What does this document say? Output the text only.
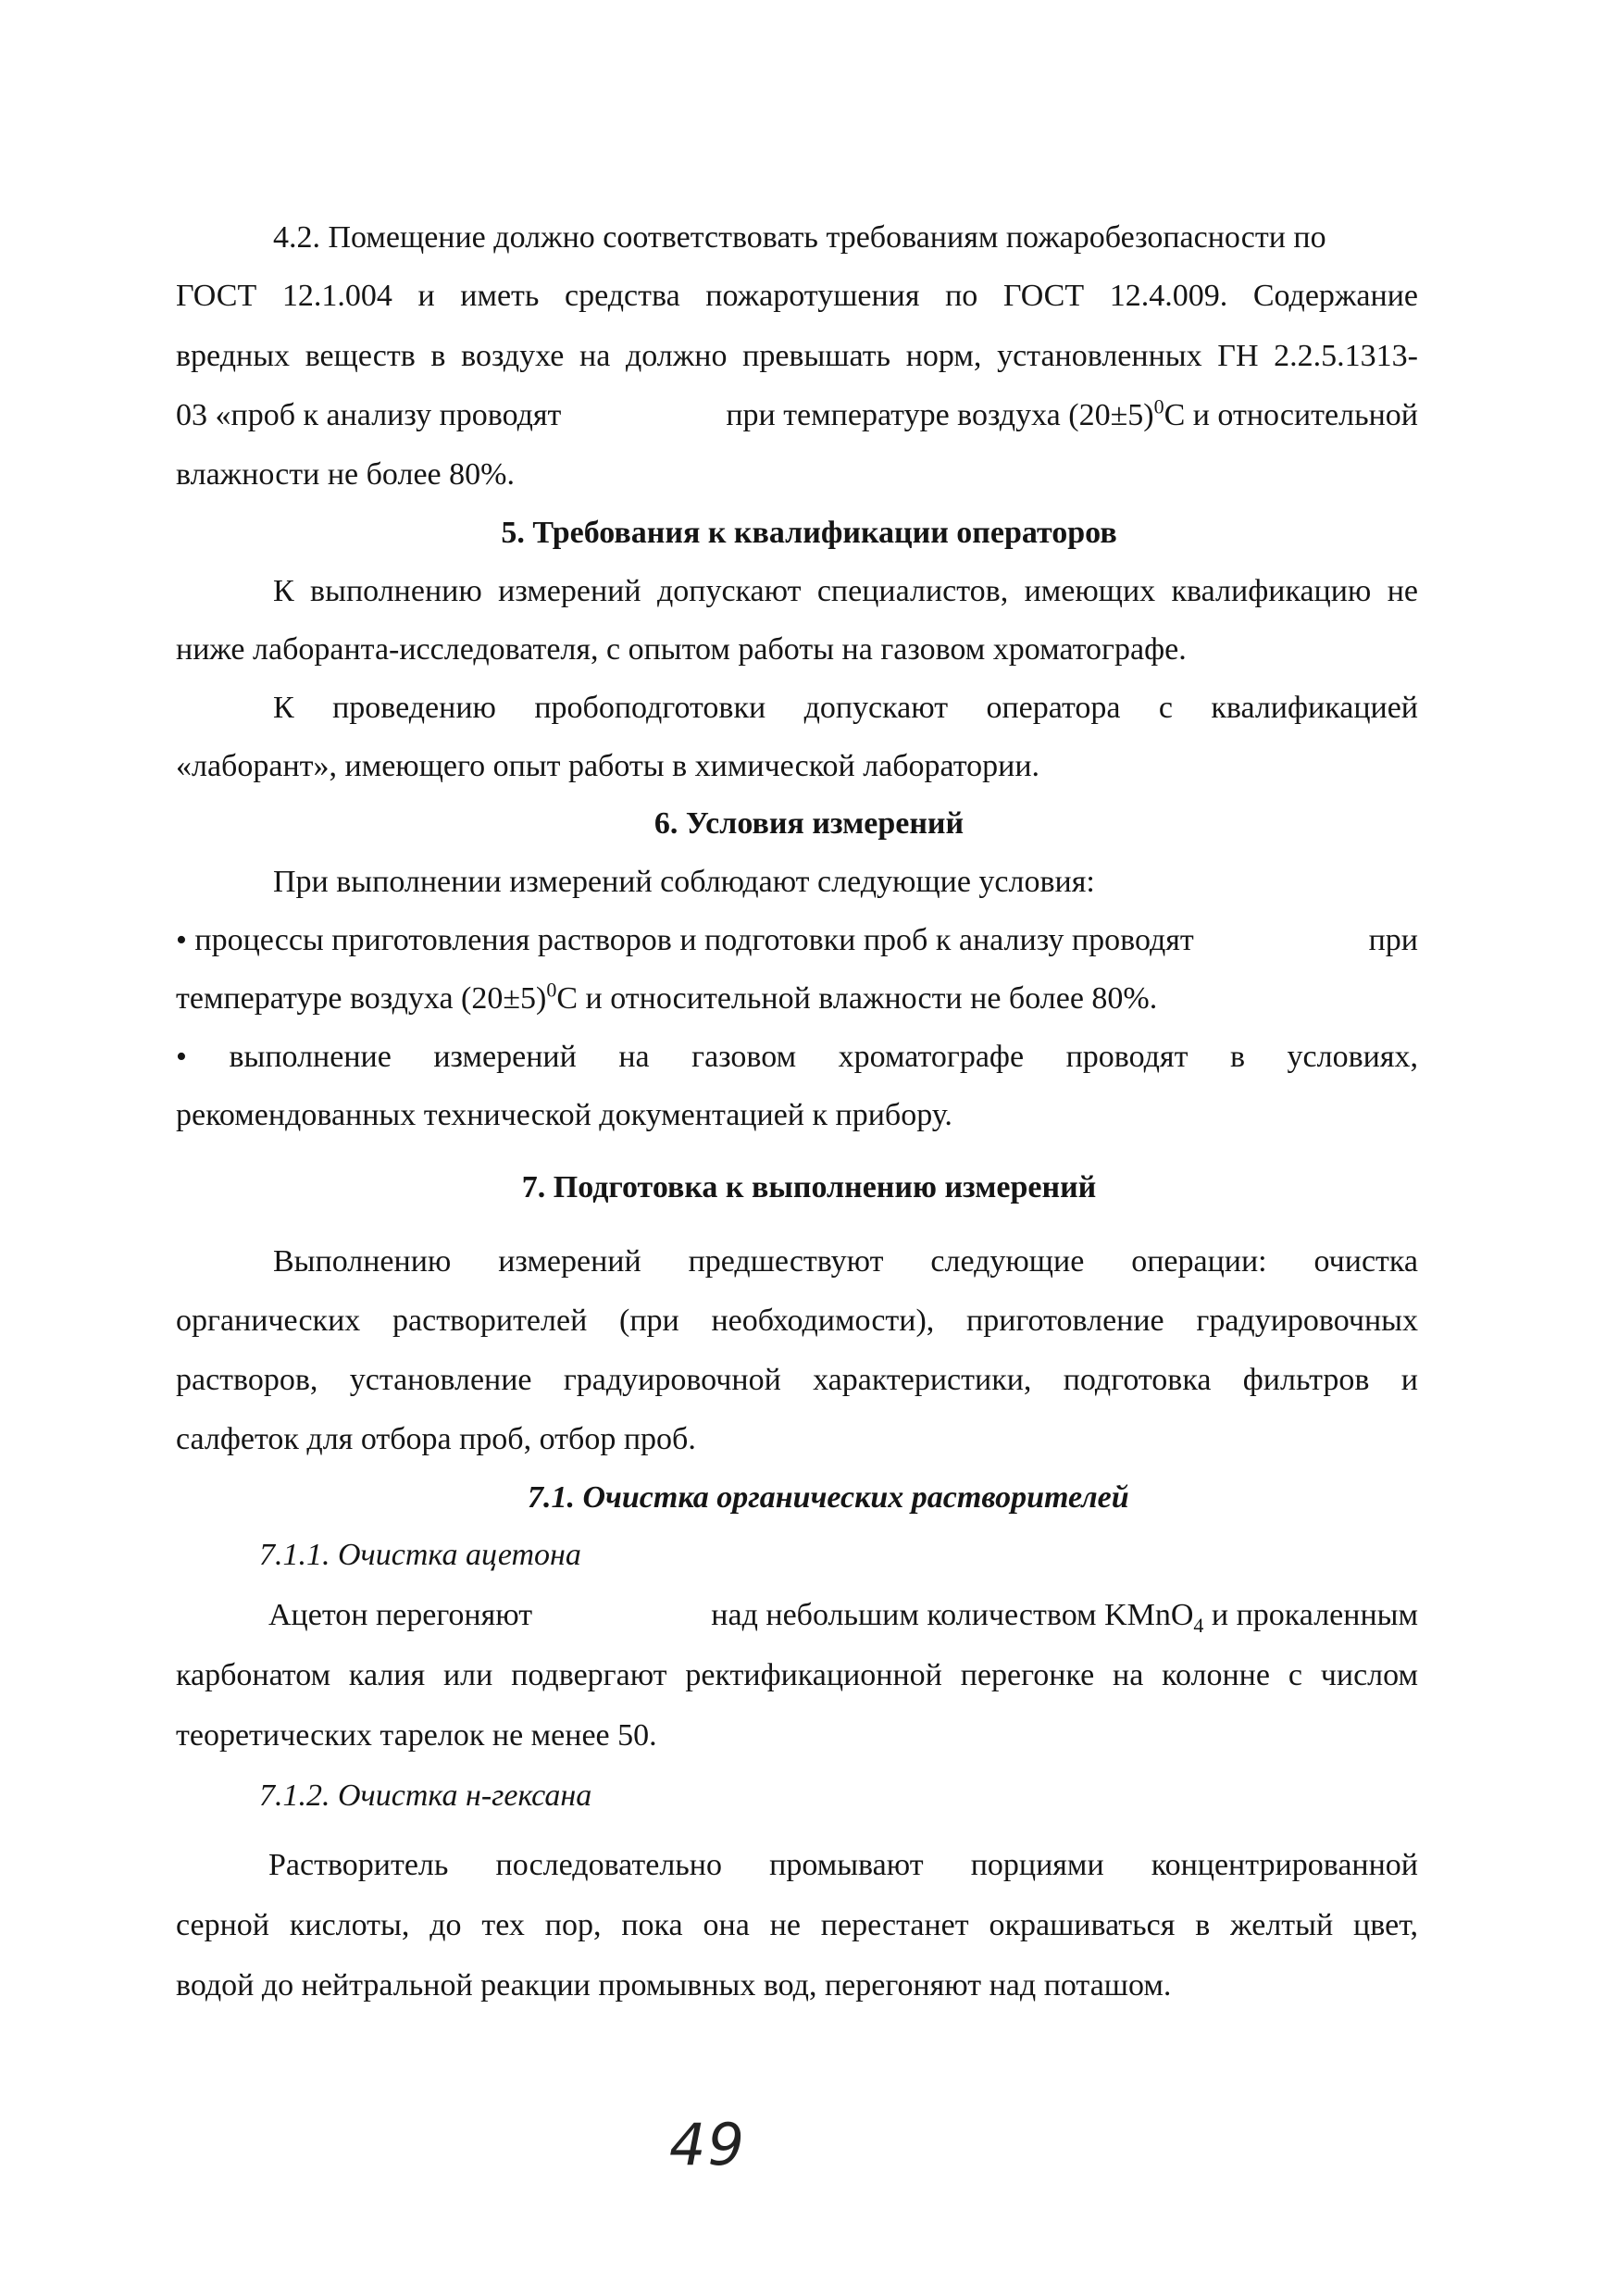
4.2. Помещение должно соответствовать требованиям пожаробезопасности по
ГОСТ 12.1.004 и иметь средства пожаротушения по ГОСТ 12.4.009. Содержание
вредных веществ в воздухе на должно превышать норм, установленных ГН 2.2.5.1313-
03 «проб к анализу проводят	при температуре воздуха $(20\pm 5)^0С$ и относительной
влажности не более 80%.
5. Требования к квалификации операторов
К выполнению измерений допускают специалистов, имеющих квалификацию не
ниже лаборанта-исследователя, с опытом работы на газовом хроматографе.
К проведению пробоподготовки допускают оператора с квалификацией
«лаборант», имеющего опыт работы в химической лаборатории.
6. Условия измерений
При выполнении измерений соблюдают следующие условия:
• процессы приготовления растворов и подготовки проб к анализу проводят	при
температуре воздуха $(20\pm 5)^0С$ и относительной влажности не более 80%.
• выполнение измерений на газовом хроматографе проводят в условиях,
рекомендованных технической документацией к прибору.
7. Подготовка к выполнению измерений
Выполнению измерений предшествуют следующие операции: очистка
органических растворителей (при необходимости), приготовление градуировочных
растворов, установление градуировочной характеристики, подготовка фильтров и
салфеток для отбора проб, отбор проб.
7.1. Очистка органических растворителей
7.1.1. Очистка ацетона
Ацетон перегоняют	над небольшим количеством KMnO$_4$ и прокаленным
карбонатом калия или подвергают ректификационной перегонке на колонне с числом
теоретических тарелок не менее 50.
7.1.2. Очистка н-гексана
Растворитель последовательно промывают порциями концентрированной
серной кислоты, до тех пор, пока она не перестанет окрашиваться в желтый цвет,
водой до нейтральной реакции промывных вод, перегоняют над поташом.
49
